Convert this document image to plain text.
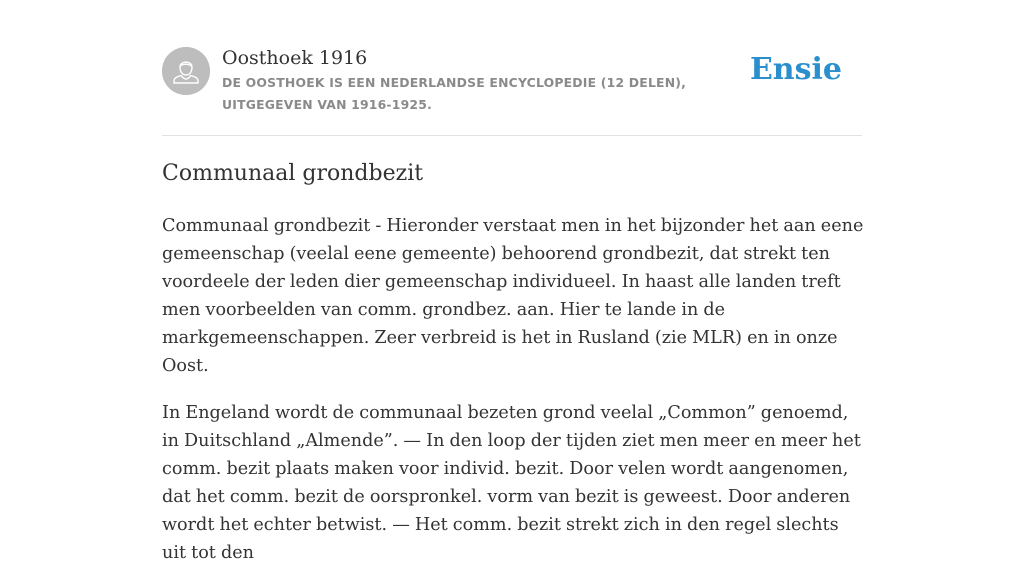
Oosthoek 1916
DE OOSTHOEK IS EEN NEDERLANDSE ENCYCLOPEDIE (12 DELEN), UITGEGEVEN VAN 1916-1925.
Ensie
Communaal grondbezit

Communaal grondbezit - Hieronder verstaat men in het bijzonder het aan eene gemeenschap (veelal eene gemeente) behoorend grondbezit, dat strekt ten voordeele der leden dier gemeenschap individueel. In haast alle landen treft men voorbeelden van comm. grondbez. aan. Hier te lande in de markgemeenschappen. Zeer verbreid is het in Rusland (zie MLR) en in onze Oost.

In Engeland wordt de communaal bezeten grond veelal „Common” genoemd, in Duitschland „Almende”. — In den loop der tijden ziet men meer en meer het comm. bezit plaats maken voor individ. bezit. Door velen wordt aangenomen, dat het comm. bezit de oorspronkel. vorm van bezit is geweest. Door anderen wordt het echter betwist. — Het comm. bezit strekt zich in den regel slechts uit tot den
